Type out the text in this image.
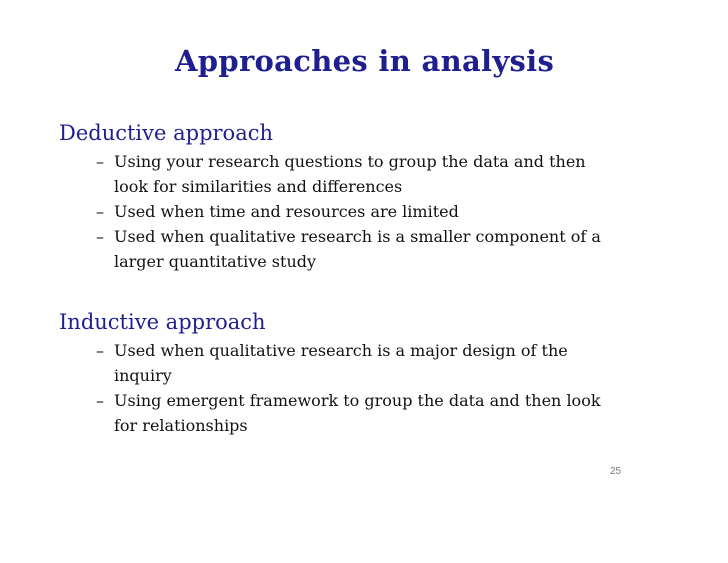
Approaches in analysis
Deductive approach
– Using your research questions to group the data and then look for similarities and differences
– Used when time and resources are limited
– Used when qualitative research is a smaller component of a larger quantitative study
Inductive approach
– Used when qualitative research is a major design of the inquiry
– Using emergent framework to group the data and then look for relationships
25
